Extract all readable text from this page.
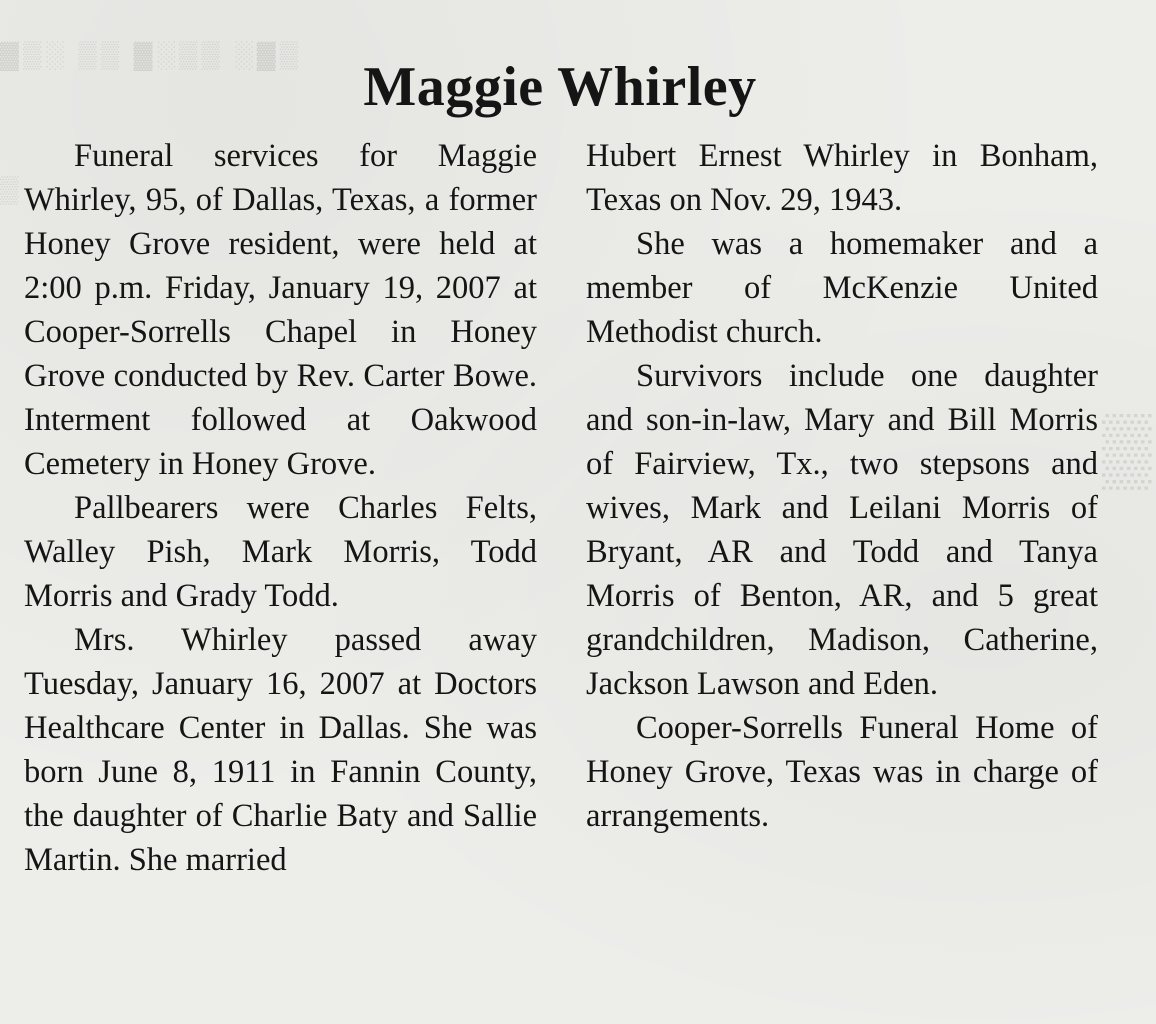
▓▒░ ▒▒ ▓░▒▒ ░▓▒
▒
▒
Maggie Whirley

Funeral services for Maggie Whirley, 95, of Dallas, Texas, a former Honey Grove resident, were held at 2:00 p.m. Friday, January 19, 2007 at Cooper-Sorrells Chapel in Honey Grove conducted by Rev. Carter Bowe. Interment followed at Oakwood Cemetery in Honey Grove.

Pallbearers were Charles Felts, Walley Pish, Mark Morris, Todd Morris and Grady Todd.

Mrs. Whirley passed away Tuesday, January 16, 2007 at Doctors Healthcare Center in Dallas. She was born June 8, 1911 in Fannin County, the daughter of Charlie Baty and Sallie Martin. She married

Hubert Ernest Whirley in Bonham, Texas on Nov. 29, 1943.

She was a homemaker and a member of McKenzie United Methodist church.

Survivors include one daughter and son-in-law, Mary and Bill Morris of Fairview, Tx., two stepsons and wives, Mark and Leilani Morris of Bryant, AR and Todd and Tanya Morris of Benton, AR, and 5 great grandchildren, Madison, Catherine, Jackson Lawson and Eden.

Cooper-Sorrells Funeral Home of Honey Grove, Texas was in charge of arrangements.
